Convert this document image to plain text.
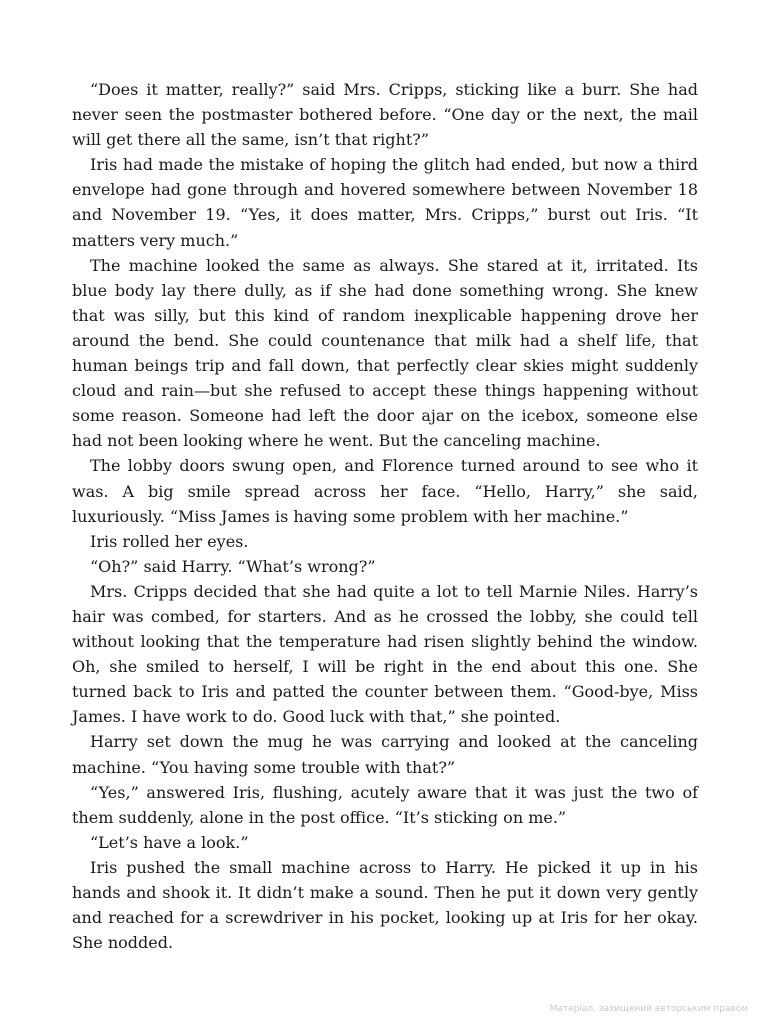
“Does it matter, really?” said Mrs. Cripps, sticking like a burr. She had never seen the postmaster bothered before. “One day or the next, the mail will get there all the same, isn’t that right?”

Iris had made the mistake of hoping the glitch had ended, but now a third envelope had gone through and hovered somewhere between November 18 and November 19. “Yes, it does matter, Mrs. Cripps,” burst out Iris. “It matters very much.”

The machine looked the same as always. She stared at it, irritated. Its blue body lay there dully, as if she had done something wrong. She knew that was silly, but this kind of random inexplicable happening drove her around the bend. She could countenance that milk had a shelf life, that human beings trip and fall down, that perfectly clear skies might suddenly cloud and rain—but she refused to accept these things happening without some reason. Someone had left the door ajar on the icebox, someone else had not been looking where he went. But the canceling machine.

The lobby doors swung open, and Florence turned around to see who it was. A big smile spread across her face. “Hello, Harry,” she said, luxuriously. “Miss James is having some problem with her machine.”

Iris rolled her eyes.

“Oh?” said Harry. “What’s wrong?”

Mrs. Cripps decided that she had quite a lot to tell Marnie Niles. Harry’s hair was combed, for starters. And as he crossed the lobby, she could tell without looking that the temperature had risen slightly behind the window. Oh, she smiled to herself, I will be right in the end about this one. She turned back to Iris and patted the counter between them. “Good-bye, Miss James. I have work to do. Good luck with that,” she pointed.

Harry set down the mug he was carrying and looked at the canceling machine. “You having some trouble with that?”

“Yes,” answered Iris, flushing, acutely aware that it was just the two of them suddenly, alone in the post office. “It’s sticking on me.”

“Let’s have a look.”

Iris pushed the small machine across to Harry. He picked it up in his hands and shook it. It didn’t make a sound. Then he put it down very gently and reached for a screwdriver in his pocket, looking up at Iris for her okay. She nodded.

Матеріал, захищений авторським правом
